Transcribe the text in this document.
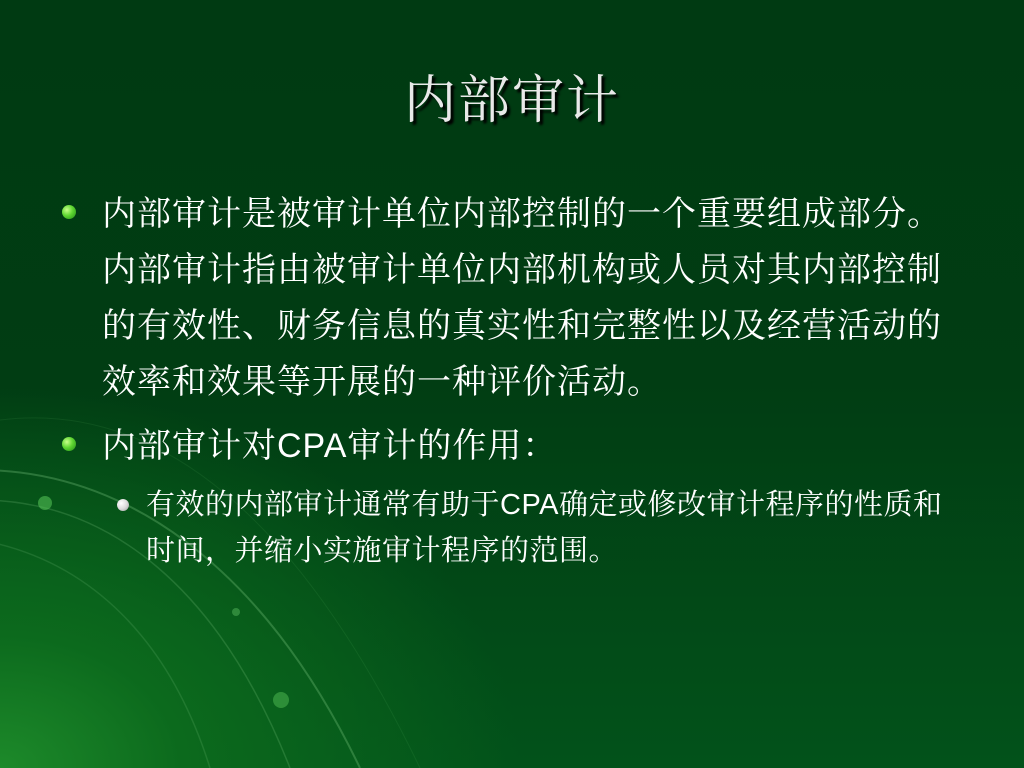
内部审计
内部审计是被审计单位内部控制的一个重要组成部分。内部审计指由被审计单位内部机构或人员对其内部控制的有效性、财务信息的真实性和完整性以及经营活动的效率和效果等开展的一种评价活动。
内部审计对CPA审计的作用：
有效的内部审计通常有助于CPA确定或修改审计程序的性质和时间，并缩小实施审计程序的范围。
